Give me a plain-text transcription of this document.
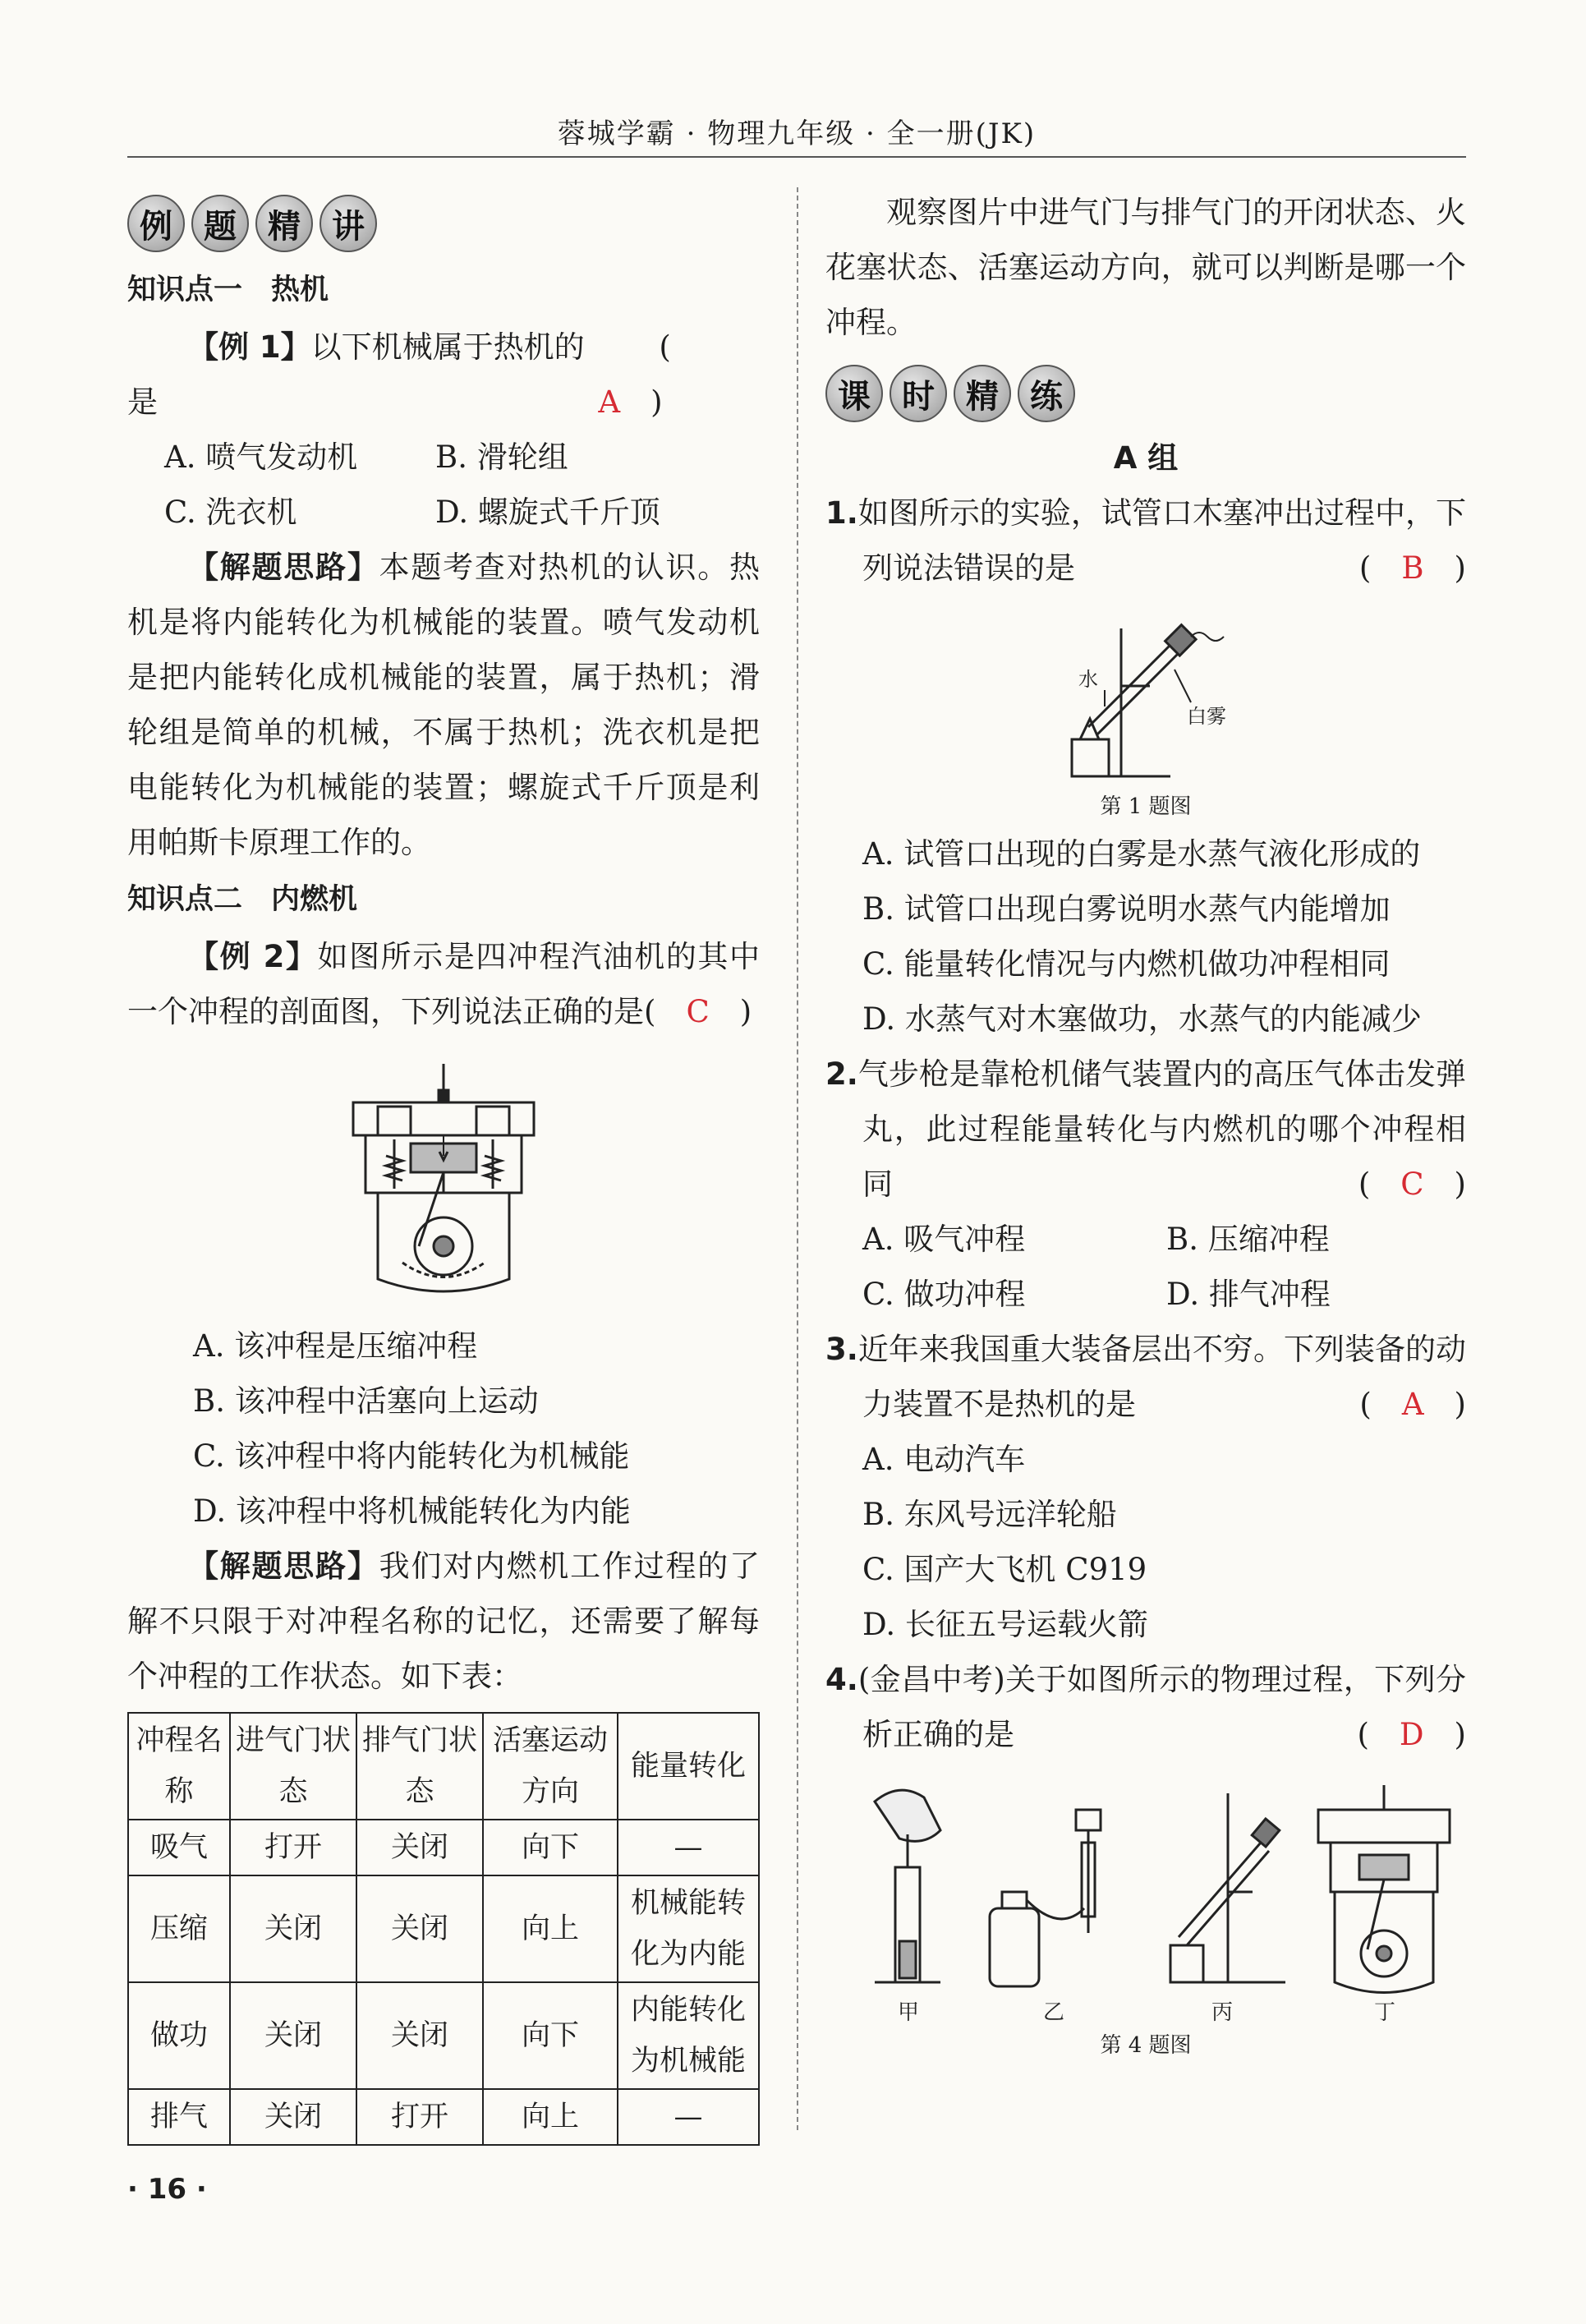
蓉城学霸 · 物理九年级 · 全一册(JK)
例 题 精 讲

知识点一　热机

【例 1】以下机械属于热机的是
(　A　)

A. 喷气发动机	B. 滑轮组

C. 洗衣机	D. 螺旋式千斤顶

【解题思路】本题考查对热机的认识。热机是将内能转化为机械能的装置。喷气发动机是把内能转化成机械能的装置，属于热机；滑轮组是简单的机械，不属于热机；洗衣机是把电能转化为机械能的装置；螺旋式千斤顶是利用帕斯卡原理工作的。

知识点二　内燃机

【例 2】如图所示是四冲程汽油机的其中一个冲程的剖面图，下列说法正确的是(　C　)

A. 该冲程是压缩冲程

B. 该冲程中活塞向上运动

C. 该冲程中将内能转化为机械能

D. 该冲程中将机械能转化为内能

【解题思路】我们对内燃机工作过程的了解不只限于对冲程名称的记忆，还需要了解每个冲程的工作状态。如下表：

冲程名称	进气门状态	排气门状态	活塞运动方向	能量转化
吸气	打开	关闭	向下	—
压缩	关闭	关闭	向上	机械能转化为内能
做功	关闭	关闭	向下	内能转化为机械能
排气	关闭	打开	向上	—

观察图片中进气门与排气门的开闭状态、火花塞状态、活塞运动方向，就可以判断是哪一个冲程。

课 时 精 练

A 组

1.如图所示的实验，试管口木塞冲出过程中，下列说法错误的是	(　B　)

水
白雾

第 1 题图

A. 试管口出现的白雾是水蒸气液化形成的

B. 试管口出现白雾说明水蒸气内能增加

C. 能量转化情况与内燃机做功冲程相同

D. 水蒸气对木塞做功，水蒸气的内能减少

2.气步枪是靠枪机储气装置内的高压气体击发弹丸，此过程能量转化与内燃机的哪个冲程相同	(　C　)

A. 吸气冲程	B. 压缩冲程

C. 做功冲程	D. 排气冲程

3.近年来我国重大装备层出不穷。下列装备的动力装置不是热机的是	(　A　)

A. 电动汽车

B. 东风号远洋轮船

C. 国产大飞机 C919

D. 长征五号运载火箭

4.(金昌中考)关于如图所示的物理过程，下列分析正确的是	(　D　)

甲	乙	丙	丁

第 4 题图

· 16 ·
